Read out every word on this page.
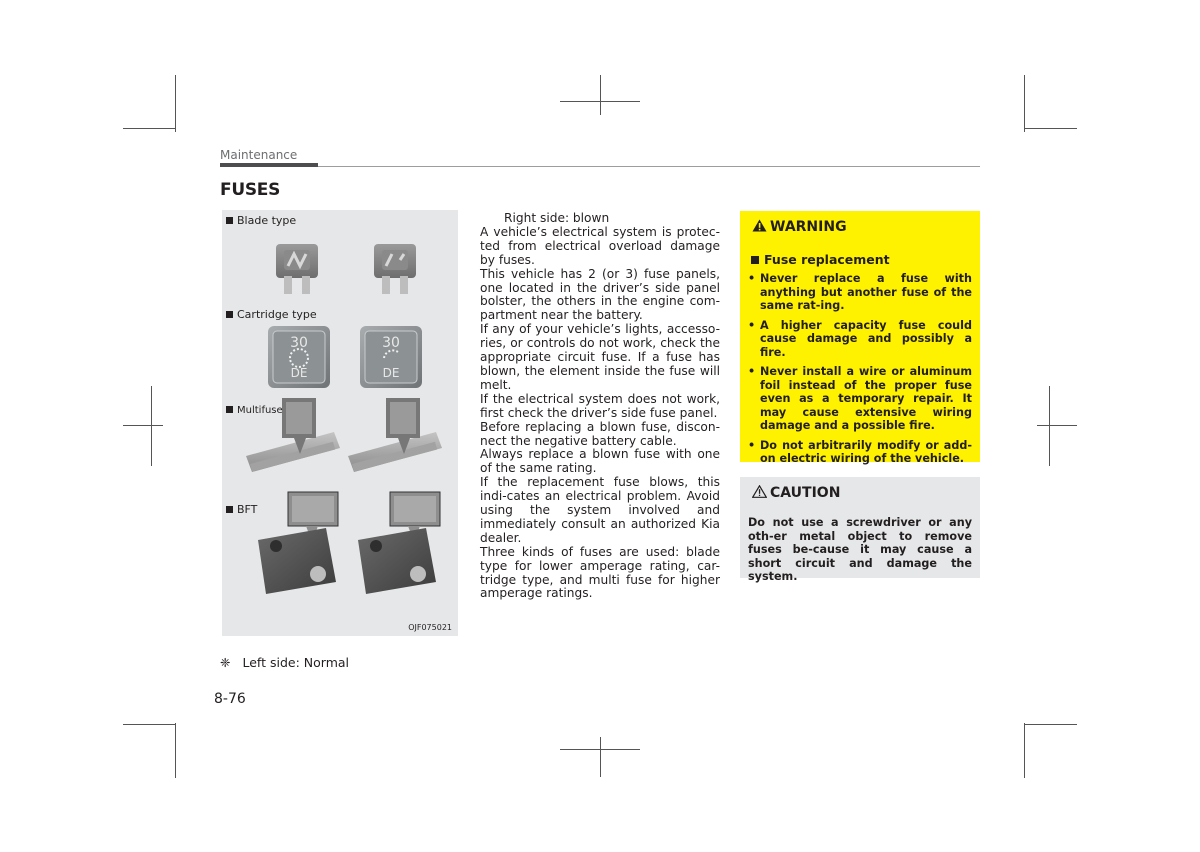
Maintenance
FUSES
30
DE
30
DE
Blade type
Cartridge type
Multifuse
BFT
OJF075021

Right side: blown

A vehicle’s electrical system is protec-ted from electrical overload damage by fuses.

This vehicle has 2 (or 3) fuse panels, one located in the driver’s side panel bolster, the others in the engine com-partment near the battery.

If any of your vehicle’s lights, accesso-ries, or controls do not work, check the appropriate circuit fuse. If a fuse has blown, the element inside the fuse will melt.

If the electrical system does not work, first check the driver’s side fuse panel.

Before replacing a blown fuse, discon-nect the negative battery cable.

Always replace a blown fuse with one of the same rating.

If the replacement fuse blows, this indi-cates an electrical problem. Avoid using the system involved and immediately consult an authorized Kia dealer.

Three kinds of fuses are used: blade type for lower amperage rating, car-tridge type, and multi fuse for higher amperage ratings.

WARNING
Fuse replacement
• Never replace a fuse with anything but another fuse of the same rat-ing.
• A higher capacity fuse could cause damage and possibly a fire.
• Never install a wire or aluminum foil instead of the proper fuse even as a temporary repair. It may cause extensive wiring damage and a possible fire.
• Do not arbitrarily modify or add-on electric wiring of the vehicle.
CAUTION
Do not use a screwdriver or any oth-er metal object to remove fuses be-cause it may cause a short circuit and damage the system.
❈ Left side: Normal
8-76
